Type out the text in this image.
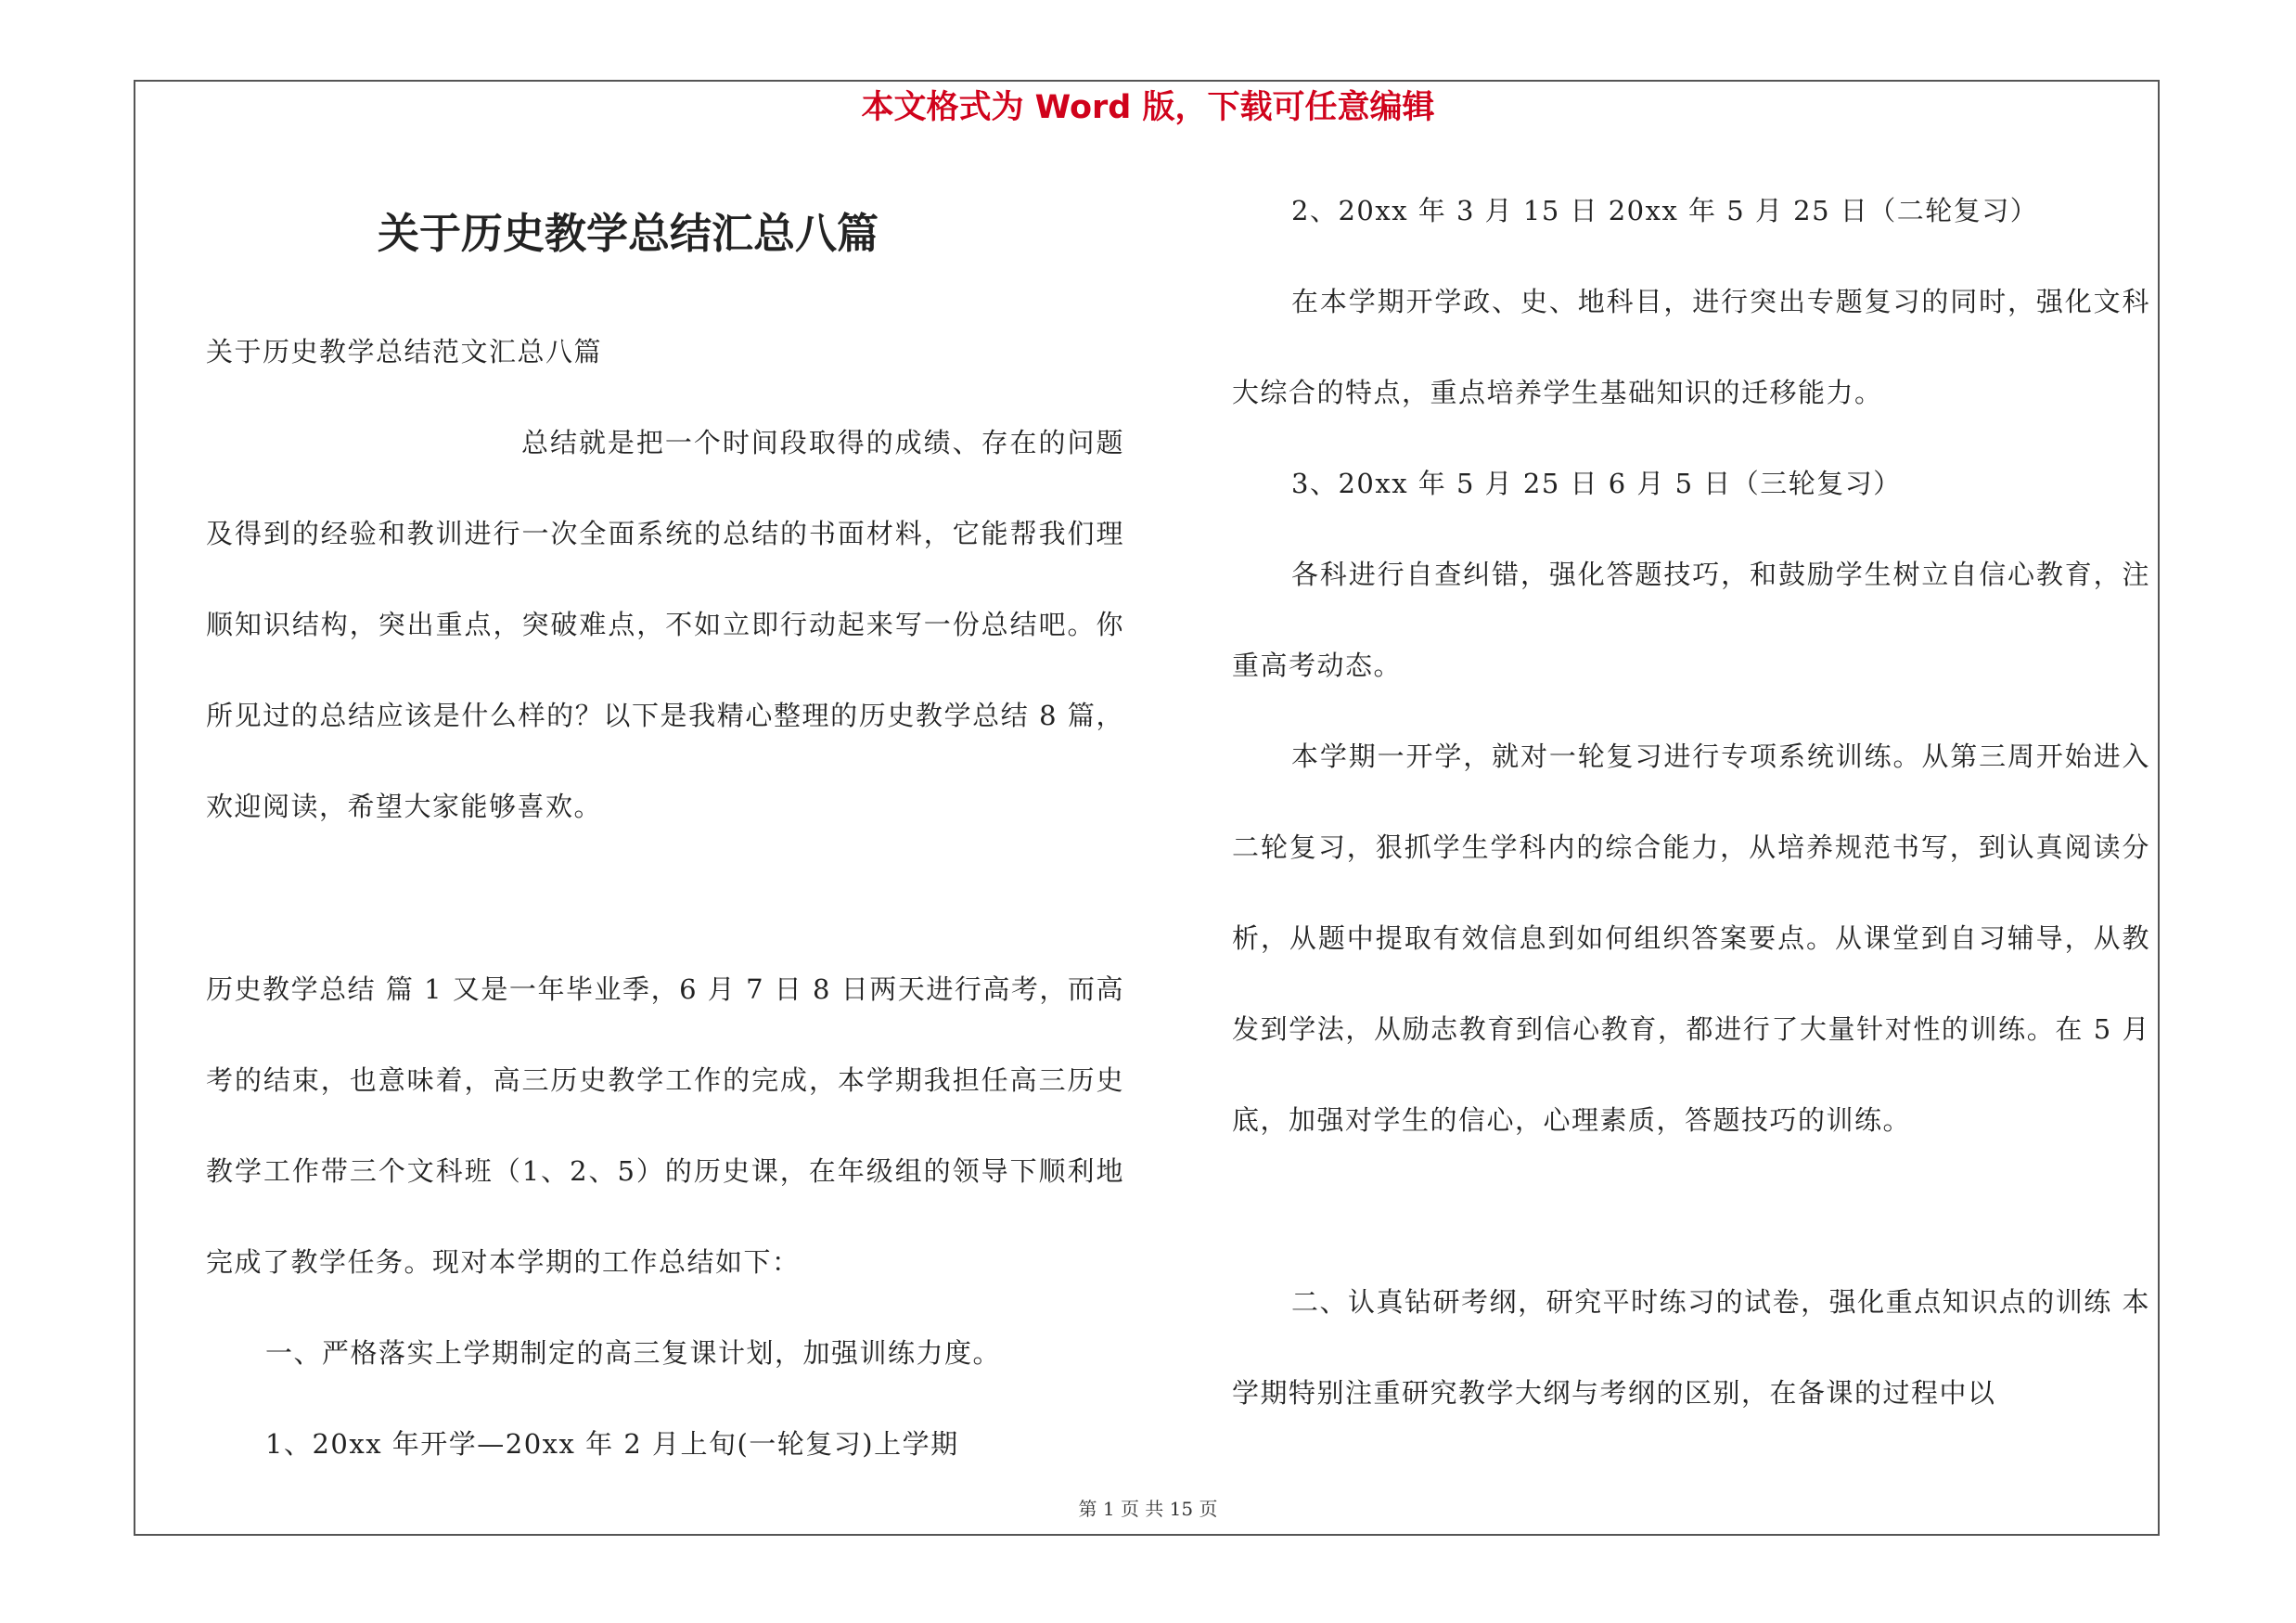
本文格式为 Word 版，下载可任意编辑
关于历史教学总结汇总八篇
关于历史教学总结范文汇总八篇
总结就是把一个时间段取得的成绩、存在的问题及得到的经验和教训进行一次全面系统的总结的书面材料，它能帮我们理顺知识结构，突出重点，突破难点，不如立即行动起来写一份总结吧。你所见过的总结应该是什么样的？以下是我精心整理的历史教学总结 8 篇，欢迎阅读，希望大家能够喜欢。
历史教学总结 篇 1 又是一年毕业季，6 月 7 日 8 日两天进行高考，而高考的结束，也意味着，高三历史教学工作的完成，本学期我担任高三历史教学工作带三个文科班（1、2、5）的历史课，在年级组的领导下顺利地完成了教学任务。现对本学期的工作总结如下：
一、严格落实上学期制定的高三复课计划，加强训练力度。
1、20xx 年开学—20xx 年 2 月上旬(一轮复习)上学期
2、20xx 年 3 月 15 日 20xx 年 5 月 25 日（二轮复习）
在本学期开学政、史、地科目，进行突出专题复习的同时，强化文科大综合的特点，重点培养学生基础知识的迁移能力。
3、20xx 年 5 月 25 日 6 月 5 日（三轮复习）
各科进行自查纠错，强化答题技巧，和鼓励学生树立自信心教育，注重高考动态。
本学期一开学，就对一轮复习进行专项系统训练。从第三周开始进入二轮复习，狠抓学生学科内的综合能力，从培养规范书写，到认真阅读分析，从题中提取有效信息到如何组织答案要点。从课堂到自习辅导，从教发到学法，从励志教育到信心教育，都进行了大量针对性的训练。在 5 月底，加强对学生的信心，心理素质，答题技巧的训练。
二、认真钻研考纲，研究平时练习的试卷，强化重点知识点的训练 本学期特别注重研究教学大纲与考纲的区别，在备课的过程中以
第 1 页 共 15 页
